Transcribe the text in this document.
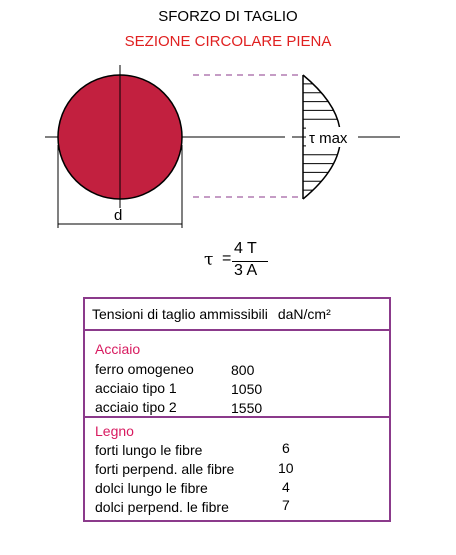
SFORZO DI TAGLIO
SEZIONE CIRCOLARE PIENA
d
τ max
τ =
4 T
3 A
Tensioni di taglio ammissibili daN/cm²
Acciaio
ferro omogeneo	800
acciaio tipo 1	1050
acciaio tipo 2	1550
Legno
forti lungo le fibre	6
forti perpend. alle fibre	10
dolci lungo le fibre	4
dolci perpend. le fibre	7
